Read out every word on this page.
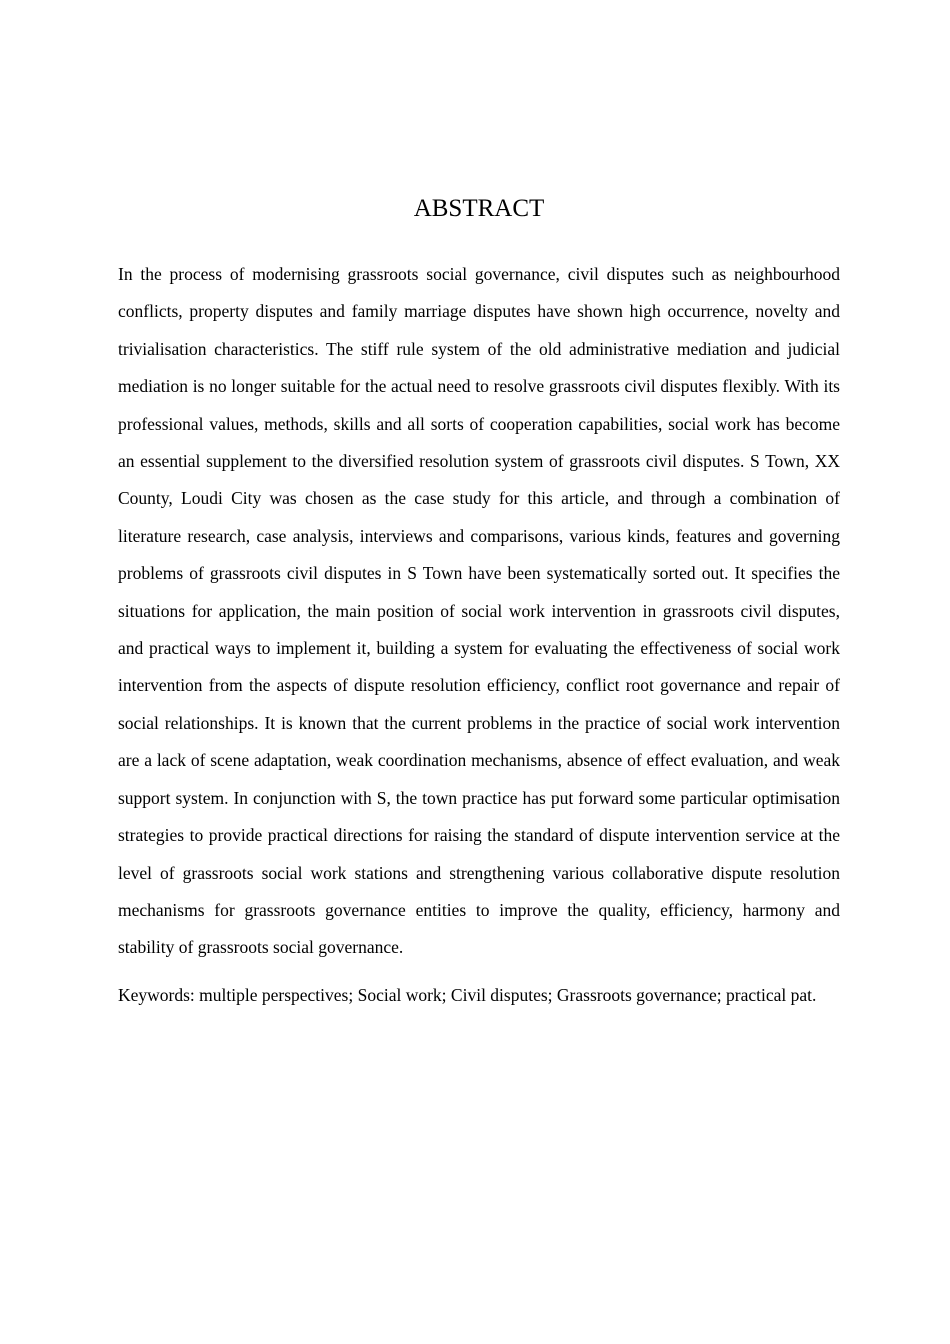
ABSTRACT

In the process of modernising grassroots social governance, civil disputes such as neighbourhood conflicts, property disputes and family marriage disputes have shown high occurrence, novelty and trivialisation characteristics. The stiff rule system of the old administrative mediation and judicial mediation is no longer suitable for the actual need to resolve grassroots civil disputes flexibly. With its professional values, methods, skills and all sorts of cooperation capabilities, social work has become an essential supplement to the diversified resolution system of grassroots civil disputes. S Town, XX County, Loudi City was chosen as the case study for this article, and through a combination of literature research, case analysis, interviews and comparisons, various kinds, features and governing problems of grassroots civil disputes in S Town have been systematically sorted out. It specifies the situations for application, the main position of social work intervention in grassroots civil disputes, and practical ways to implement it, building a system for evaluating the effectiveness of social work intervention from the aspects of dispute resolution efficiency, conflict root governance and repair of social relationships. It is known that the current problems in the practice of social work intervention are a lack of scene adaptation, weak coordination mechanisms, absence of effect evaluation, and weak support system. In conjunction with S, the town practice has put forward some particular optimisation strategies to provide practical directions for raising the standard of dispute intervention service at the level of grassroots social work stations and strengthening various collaborative dispute resolution mechanisms for grassroots governance entities to improve the quality, efficiency, harmony and stability of grassroots social governance.

Keywords: multiple perspectives; Social work; Civil disputes; Grassroots governance; practical pat.
